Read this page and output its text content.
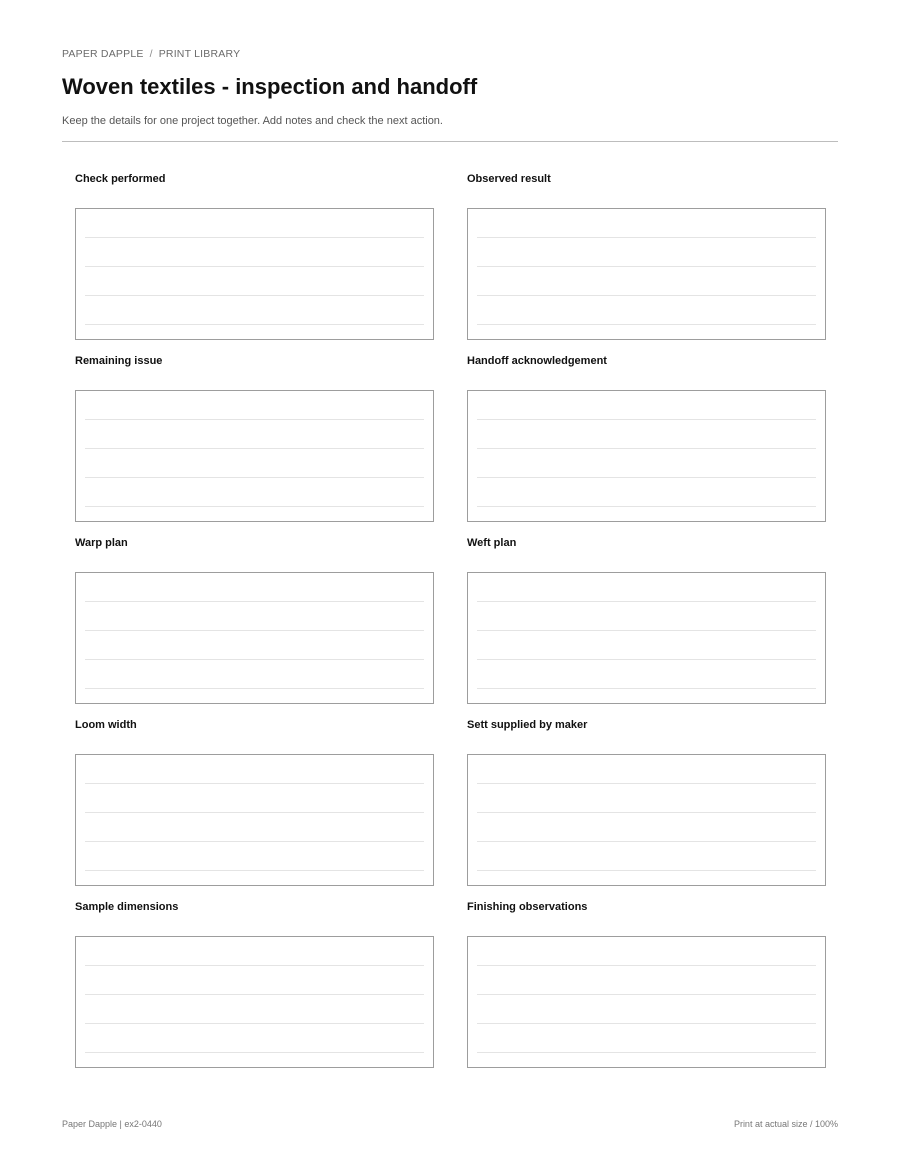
PAPER DAPPLE / PRINT LIBRARY
Woven textiles - inspection and handoff
Keep the details for one project together. Add notes and check the next action.
Check performed	Observed result
Remaining issue	Handoff acknowledgement
Warp plan	Weft plan
Loom width	Sett supplied by maker
Sample dimensions	Finishing observations
Paper Dapple | ex2-0440	Print at actual size / 100%
